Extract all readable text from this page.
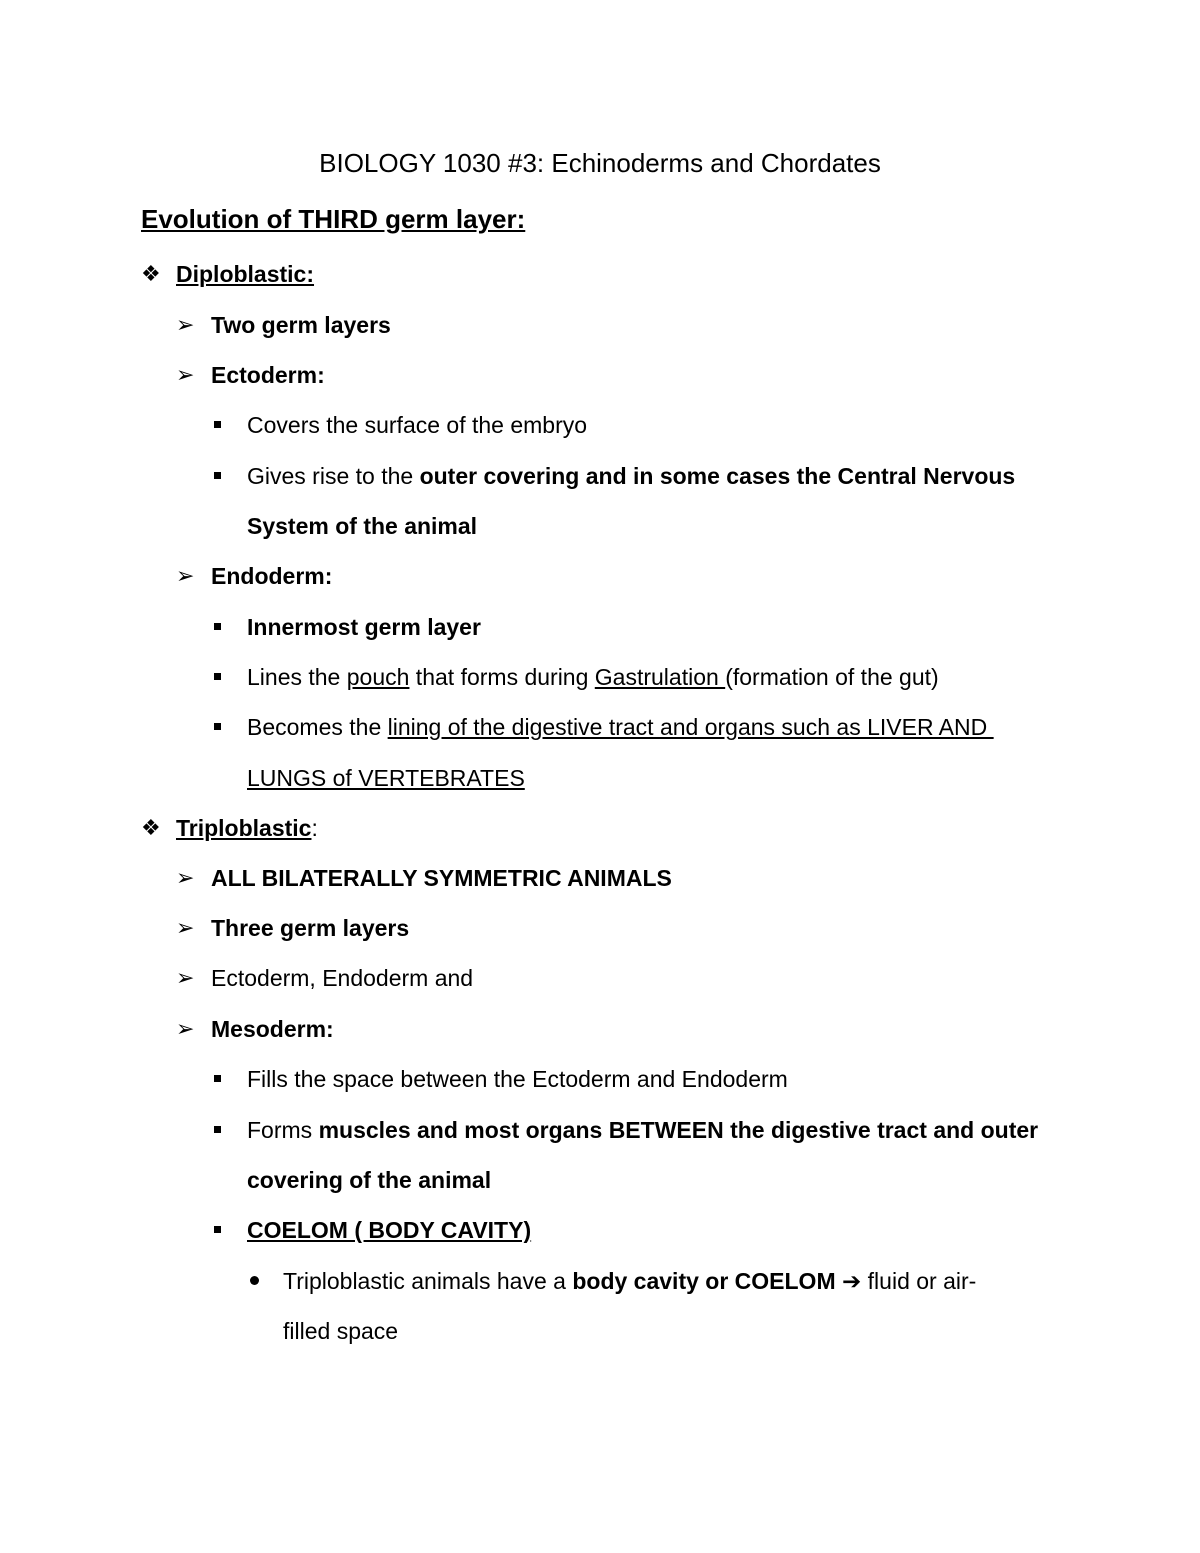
BIOLOGY 1030 #3: Echinoderms and Chordates
Evolution of THIRD germ layer:
❖ Diploblastic:
➢ Two germ layers
➢ Ectoderm:
Covers the surface of the embryo
Gives rise to the outer covering and in some cases the Central Nervous
System of the animal
➢ Endoderm:
Innermost germ layer
Lines the pouch that forms during Gastrulation (formation of the gut)
Becomes the lining of the digestive tract and organs such as LIVER AND
LUNGS of VERTEBRATES
❖ Triploblastic:
➢ ALL BILATERALLY SYMMETRIC ANIMALS
➢ Three germ layers
➢ Ectoderm, Endoderm and
➢ Mesoderm:
Fills the space between the Ectoderm and Endoderm
Forms muscles and most organs BETWEEN the digestive tract and outer
covering of the animal
COELOM ( BODY CAVITY)
Triploblastic animals have a body cavity or COELOM ➔ fluid or air-
filled space
